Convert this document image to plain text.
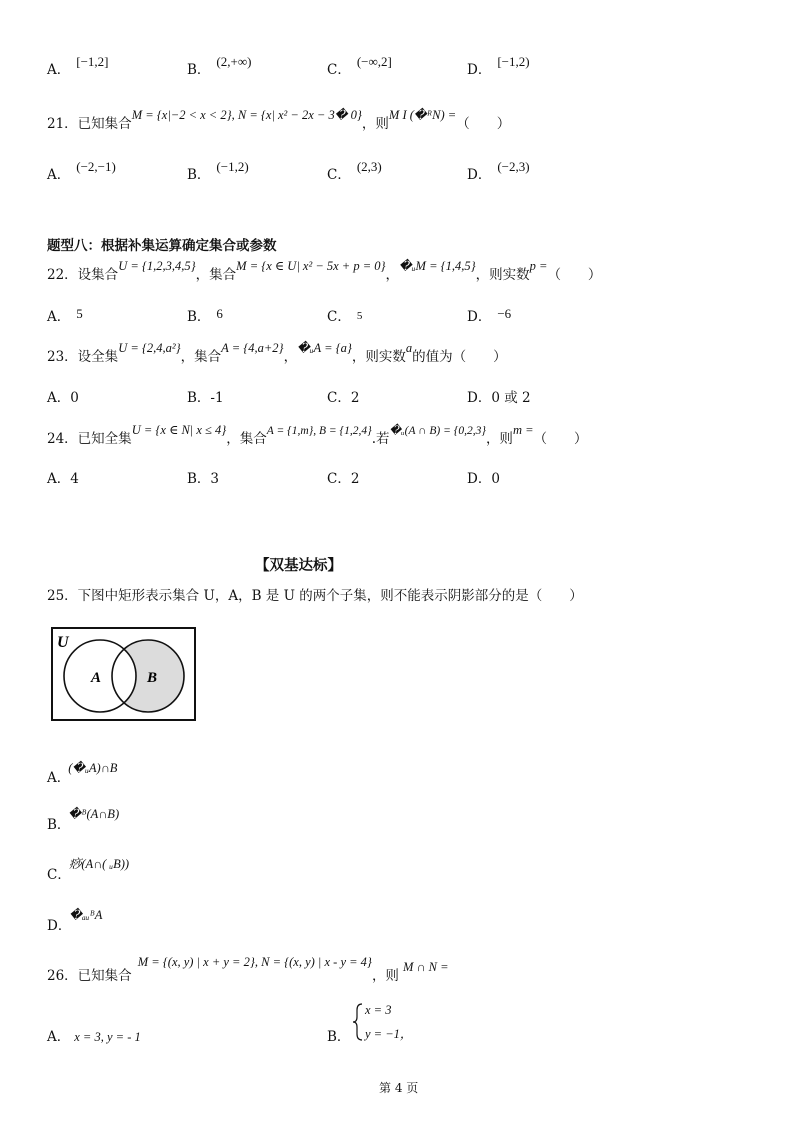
A．[−1,2]
B．(2,+∞)
C．(−∞,2]
D．[−1,2)
21．已知集合M = {x|−2 < x < 2}, N = {x| x² − 2x − 3� 0}，则M I (�ᴿN) =（　　）
A．(−2,−1)
B．(−1,2)
C．(2,3)
D．(−2,3)
题型八：根据补集运算确定集合或参数
22．设集合U = {1,2,3,4,5}，集合M = {x ∈ U| x² − 5x + p = 0}，�ᵤM = {1,4,5}，则实数p =（　　）
A． 5	B． 6	C． 5	D． −6
23．设全集U = {2,4,a²}，集合A = {4,a+2}，�ᵤA = {a}，则实数a的值为（　　）
A．0	B．-1	C．2	D．0 或 2
24．已知全集U = {x ∈ N| x ≤ 4}，集合A = {1,m}, B = {1,2,4}.若�ᵤ(A ∩ B) = {0,2,3}，则m =（　　）
A．4	B．3	C．2	D．0
【双基达标】
25．下图中矩形表示集合 U，A，B 是 U 的两个子集，则不能表示阴影部分的是（　　）
U
A	B
A．(�ᵤA)∩B
B．�ᴮ(A∩B)
C．痧(A∩( ᵤB))
D．�ₐᵤᴮA
26．已知集合M = {(x, y) | x + y = 2}, N = {(x, y) | x - y = 4}，则M ∩ N =
A． x = 3, y = - 1	B．
x = 3
y = −1，
第 4 页
